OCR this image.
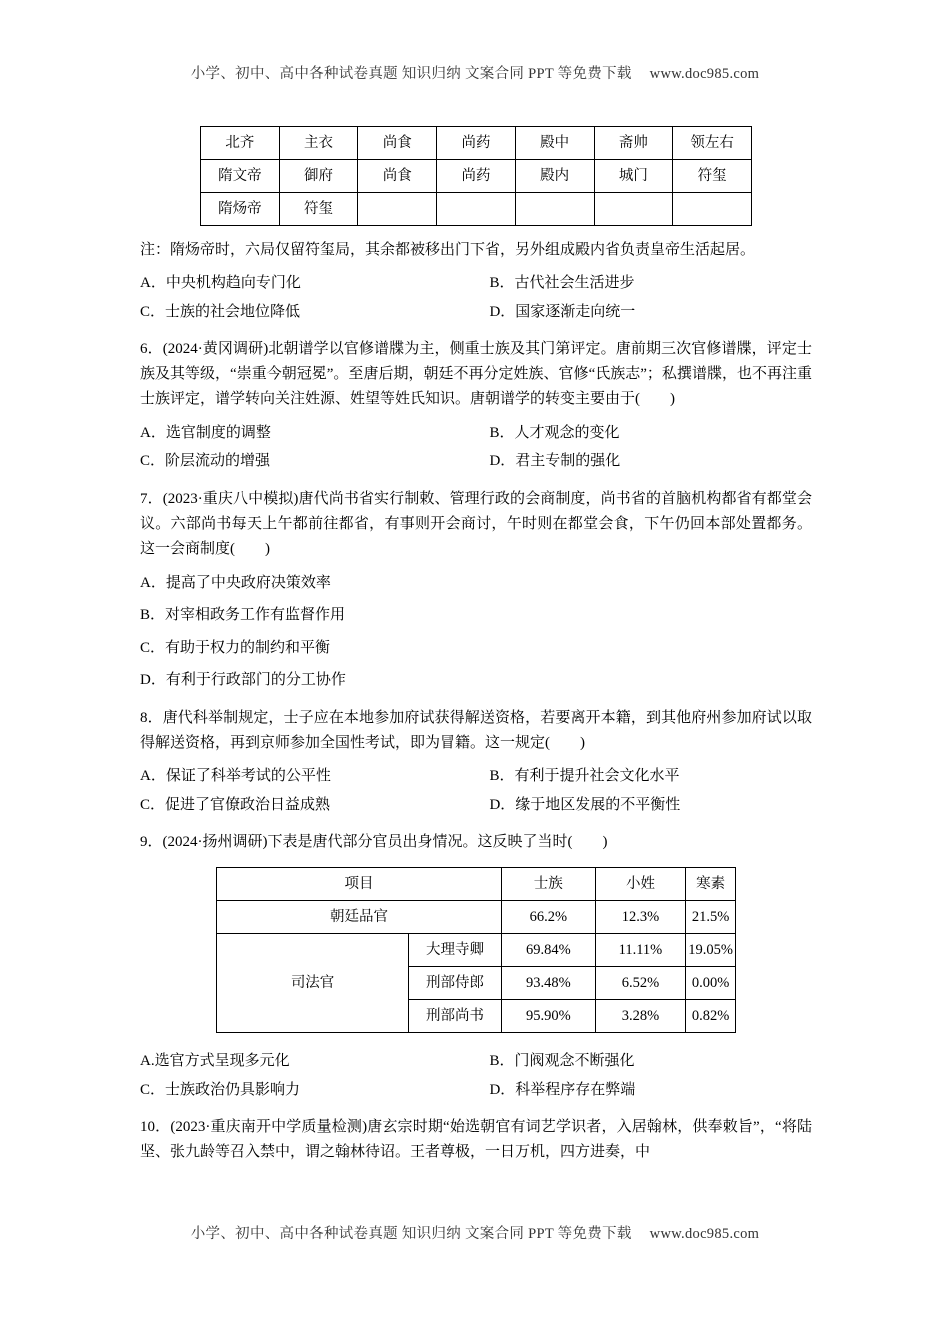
小学、初中、高中各种试卷真题 知识归纳 文案合同 PPT 等免费下载 www.doc985.com
北齐	主衣	尚食	尚药	殿中	斋帅	领左右
隋文帝	御府	尚食	尚药	殿内	城门	符玺
隋炀帝	符玺					
注：隋炀帝时，六局仅留符玺局，其余都被移出门下省，另外组成殿内省负责皇帝生活起居。
A．中央机构趋向专门化	B．古代社会生活进步
C．士族的社会地位降低	D．国家逐渐走向统一
6．(2024·黄冈调研)北朝谱学以官修谱牒为主，侧重士族及其门第评定。唐前期三次官修谱牒，评定士族及其等级，“崇重今朝冠冕”。至唐后期，朝廷不再分定姓族、官修“氏族志”；私撰谱牒，也不再注重士族评定，谱学转向关注姓源、姓望等姓氏知识。唐朝谱学的转变主要由于(　　)
A．选官制度的调整	B．人才观念的变化
C．阶层流动的增强	D．君主专制的强化
7．(2023·重庆八中模拟)唐代尚书省实行制敕、管理行政的会商制度，尚书省的首脑机构都省有都堂会议。六部尚书每天上午都前往都省，有事则开会商讨，午时则在都堂会食，下午仍回本部处置都务。这一会商制度(　　)
A．提高了中央政府决策效率
B．对宰相政务工作有监督作用
C．有助于权力的制约和平衡
D．有利于行政部门的分工协作
8．唐代科举制规定，士子应在本地参加府试获得解送资格，若要离开本籍，到其他府州参加府试以取得解送资格，再到京师参加全国性考试，即为冒籍。这一规定(　　)
A．保证了科举考试的公平性	B．有利于提升社会文化水平
C．促进了官僚政治日益成熟	D．缘于地区发展的不平衡性
9．(2024·扬州调研)下表是唐代部分官员出身情况。这反映了当时(　　)
项目		士族	小姓	寒素
朝廷品官		66.2%	12.3%	21.5%
司法官	大理寺卿	69.84%	11.11%	19.05%
	刑部侍郎	93.48%	6.52%	0.00%
	刑部尚书	95.90%	3.28%	0.82%
A.选官方式呈现多元化	B．门阀观念不断强化
C．士族政治仍具影响力	D．科举程序存在弊端
10．(2023·重庆南开中学质量检测)唐玄宗时期“始选朝官有词艺学识者，入居翰林，供奉敕旨”，“将陆坚、张九龄等召入禁中，谓之翰林待诏。王者尊极，一日万机，四方进奏，中
小学、初中、高中各种试卷真题 知识归纳 文案合同 PPT 等免费下载 www.doc985.com
